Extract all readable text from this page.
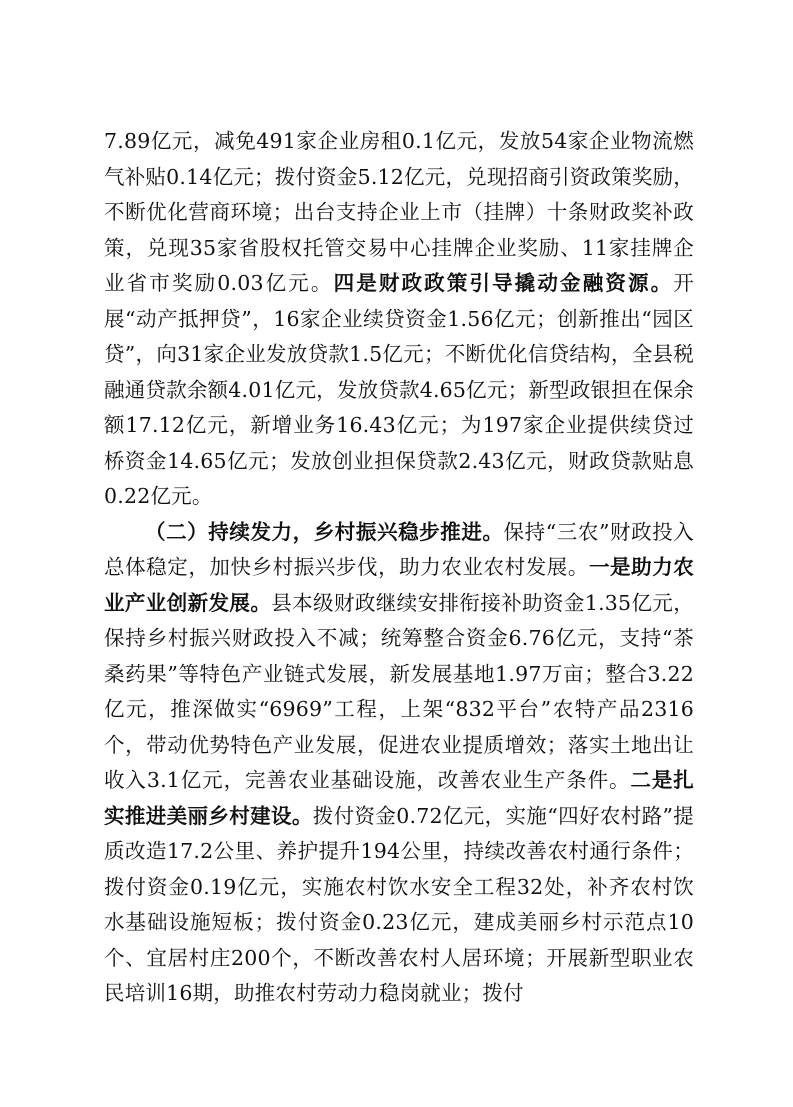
7.89亿元，减免491家企业房租0.1亿元，发放54家企业物流燃气补贴0.14亿元；拨付资金5.12亿元，兑现招商引资政策奖励，不断优化营商环境；出台支持企业上市（挂牌）十条财政奖补政策，兑现35家省股权托管交易中心挂牌企业奖励、11家挂牌企业省市奖励0.03亿元。四是财政政策引导撬动金融资源。开展“动产抵押贷”，16家企业续贷资金1.56亿元；创新推出“园区贷”，向31家企业发放贷款1.5亿元；不断优化信贷结构，全县税融通贷款余额4.01亿元，发放贷款4.65亿元；新型政银担在保余额17.12亿元，新增业务16.43亿元；为197家企业提供续贷过桥资金14.65亿元；发放创业担保贷款2.43亿元，财政贷款贴息0.22亿元。

（二）持续发力，乡村振兴稳步推进。保持“三农”财政投入总体稳定，加快乡村振兴步伐，助力农业农村发展。一是助力农业产业创新发展。县本级财政继续安排衔接补助资金1.35亿元，保持乡村振兴财政投入不减；统筹整合资金6.76亿元，支持“茶桑药果”等特色产业链式发展，新发展基地1.97万亩；整合3.22亿元，推深做实“6969”工程，上架“832平台”农特产品2316个，带动优势特色产业发展，促进农业提质增效；落实土地出让收入3.1亿元，完善农业基础设施，改善农业生产条件。二是扎实推进美丽乡村建设。拨付资金0.72亿元，实施“四好农村路”提质改造17.2公里、养护提升194公里，持续改善农村通行条件；拨付资金0.19亿元，实施农村饮水安全工程32处，补齐农村饮水基础设施短板；拨付资金0.23亿元，建成美丽乡村示范点10个、宜居村庄200个，不断改善农村人居环境；开展新型职业农民培训16期，助推农村劳动力稳岗就业；拨付
